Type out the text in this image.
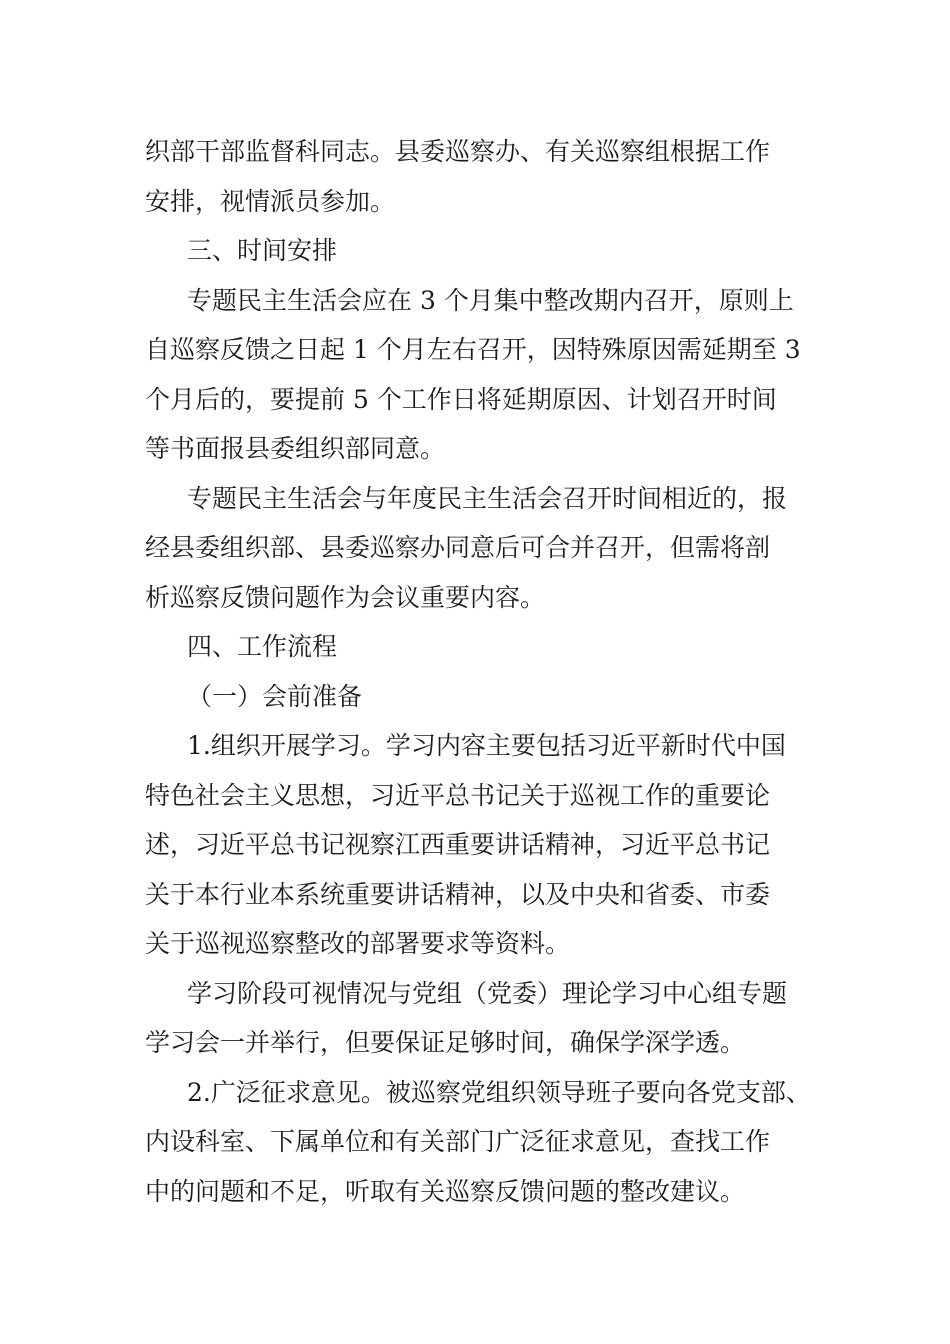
织部干部监督科同志。县委巡察办、有关巡察组根据工作
安排，视情派员参加。

三、时间安排

专题民主生活会应在 3 个月集中整改期内召开，原则上
自巡察反馈之日起 1 个月左右召开，因特殊原因需延期至 3
个月后的，要提前 5 个工作日将延期原因、计划召开时间
等书面报县委组织部同意。

专题民主生活会与年度民主生活会召开时间相近的，报
经县委组织部、县委巡察办同意后可合并召开，但需将剖
析巡察反馈问题作为会议重要内容。

四、工作流程

（一）会前准备

1.组织开展学习。学习内容主要包括习近平新时代中国
特色社会主义思想，习近平总书记关于巡视工作的重要论
述，习近平总书记视察江西重要讲话精神，习近平总书记
关于本行业本系统重要讲话精神，以及中央和省委、市委
关于巡视巡察整改的部署要求等资料。

学习阶段可视情况与党组（党委）理论学习中心组专题
学习会一并举行，但要保证足够时间，确保学深学透。

2.广泛征求意见。被巡察党组织领导班子要向各党支部、
内设科室、下属单位和有关部门广泛征求意见，查找工作
中的问题和不足，听取有关巡察反馈问题的整改建议。
